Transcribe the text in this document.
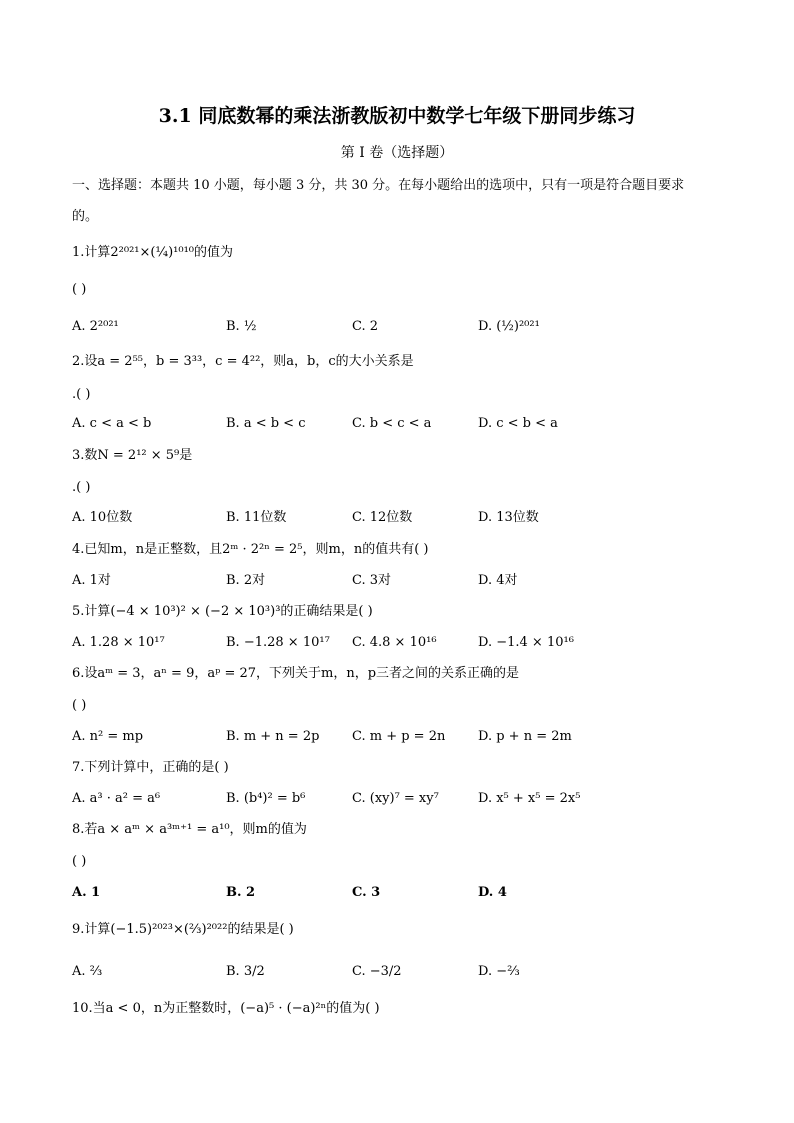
3.1 同底数幂的乘法浙教版初中数学七年级下册同步练习
第 I 卷（选择题）
一、选择题：本题共 10 小题，每小题 3 分，共 30 分。在每小题给出的选项中，只有一项是符合题目要求
的。
1.计算2²⁰²¹×(¼)¹⁰¹⁰的值为
( )
A. 2²⁰²¹	B. ½	C. 2	D. (½)²⁰²¹
2.设a = 2⁵⁵，b = 3³³，c = 4²²，则a，b，c的大小关系是
.( )
A. c < a < b	B. a < b < c	C. b < c < a	D. c < b < a
3.数N = 2¹² × 5⁹是
.( )
A. 10位数	B. 11位数	C. 12位数	D. 13位数
4.已知m，n是正整数，且2ᵐ · 2²ⁿ = 2⁵，则m，n的值共有( )
A. 1对	B. 2对	C. 3对	D. 4对
5.计算(−4 × 10³)² × (−2 × 10³)³的正确结果是( )
A. 1.28 × 10¹⁷	B. −1.28 × 10¹⁷ C. 4.8 × 10¹⁶	D. −1.4 × 10¹⁶
6.设aᵐ = 3，aⁿ = 9，aᵖ = 27，下列关于m，n，p三者之间的关系正确的是
( )
A. n² = mp	B. m + n = 2p	C. m + p = 2n	D. p + n = 2m
7.下列计算中，正确的是( )
A. a³ · a² = a⁶	B. (b⁴)² = b⁶	C. (xy)⁷ = xy⁷	D. x⁵ + x⁵ = 2x⁵
8.若a × aᵐ × a³ᵐ⁺¹ = a¹⁰，则m的值为
( )
A. 1	B. 2	C. 3	D. 4
9.计算(−1.5)²⁰²³×(⅔)²⁰²²的结果是( )
A. ⅔	B. 3/2	C. −3/2	D. −⅔
10.当a < 0，n为正整数时，(−a)⁵ · (−a)²ⁿ的值为( )
